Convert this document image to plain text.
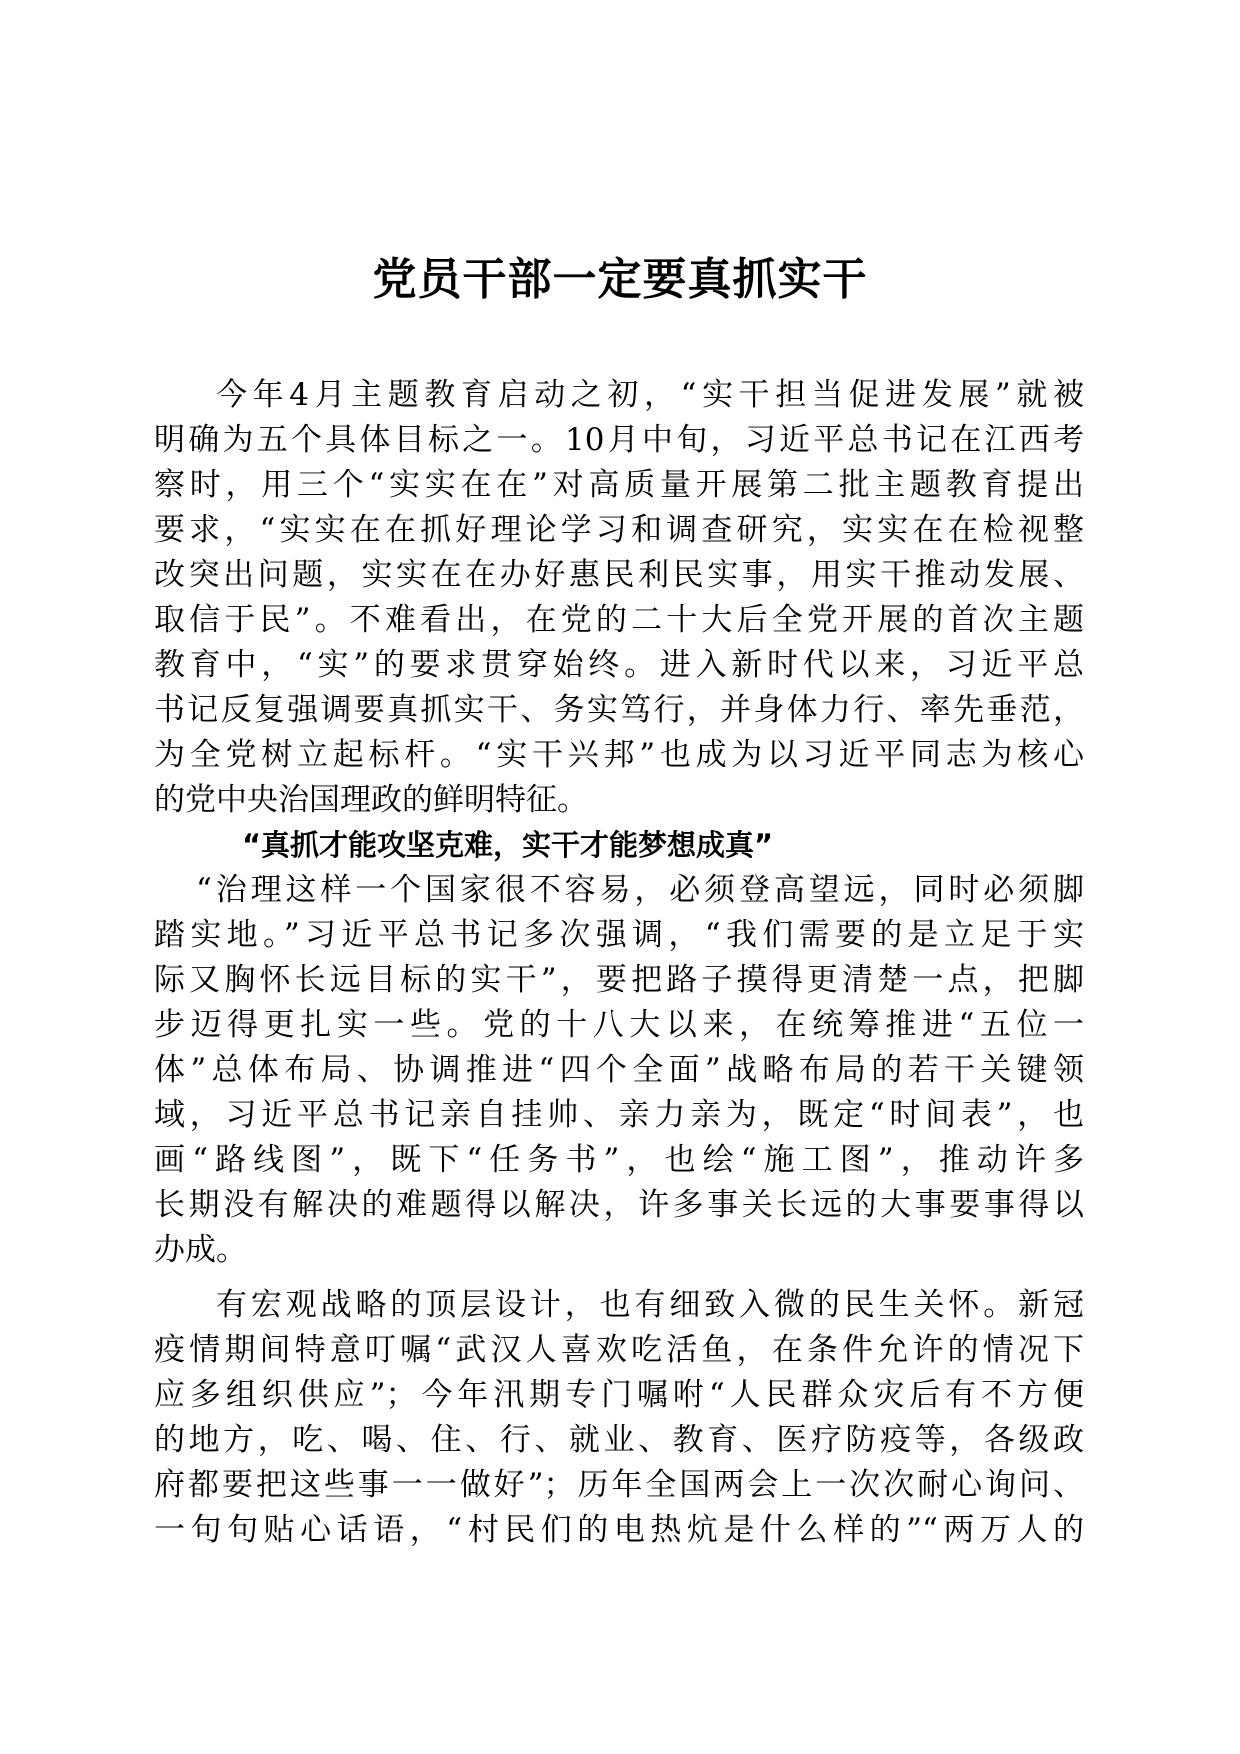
党员干部一定要真抓实干
今年4月主题教育启动之初，“实干担当促进发展”就被
明确为五个具体目标之一。10月中旬，习近平总书记在江西考
察时，用三个“实实在在”对高质量开展第二批主题教育提出
要求，“实实在在抓好理论学习和调查研究，实实在在检视整
改突出问题，实实在在办好惠民利民实事，用实干推动发展、
取信于民”。不难看出，在党的二十大后全党开展的首次主题
教育中，“实”的要求贯穿始终。进入新时代以来，习近平总
书记反复强调要真抓实干、务实笃行，并身体力行、率先垂范，
为全党树立起标杆。“实干兴邦”也成为以习近平同志为核心
的党中央治国理政的鲜明特征。
“真抓才能攻坚克难，实干才能梦想成真”
“治理这样一个国家很不容易，必须登高望远，同时必须脚
踏实地。”习近平总书记多次强调，“我们需要的是立足于实
际又胸怀长远目标的实干”，要把路子摸得更清楚一点，把脚
步迈得更扎实一些。党的十八大以来，在统筹推进“五位一
体”总体布局、协调推进“四个全面”战略布局的若干关键领
域，习近平总书记亲自挂帅、亲力亲为，既定“时间表”，也
画“路线图”，既下“任务书”，也绘“施工图”，推动许多
长期没有解决的难题得以解决，许多事关长远的大事要事得以
办成。
有宏观战略的顶层设计，也有细致入微的民生关怀。新冠
疫情期间特意叮嘱“武汉人喜欢吃活鱼，在条件允许的情况下
应多组织供应”；今年汛期专门嘱咐“人民群众灾后有不方便
的地方，吃、喝、住、行、就业、教育、医疗防疫等，各级政
府都要把这些事一一做好”；历年全国两会上一次次耐心询问、
一句句贴心话语，“村民们的电热炕是什么样的”“两万人的
